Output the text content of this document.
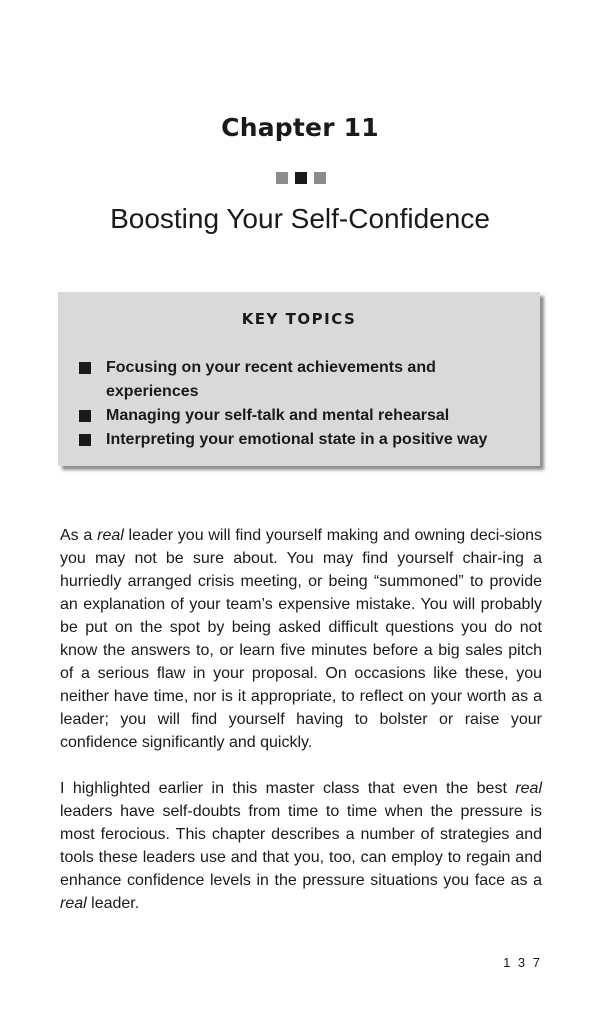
Chapter 11
Boosting Your Self-Confidence
KEY TOPICS
Focusing on your recent achievements and experiences
Managing your self-talk and mental rehearsal
Interpreting your emotional state in a positive way

As a real leader you will find yourself making and owning deci-sions you may not be sure about. You may find yourself chair-ing a hurriedly arranged crisis meeting, or being “summoned” to provide an explanation of your team’s expensive mistake. You will probably be put on the spot by being asked difficult questions you do not know the answers to, or learn five minutes before a big sales pitch of a serious flaw in your proposal. On occasions like these, you neither have time, nor is it appropriate, to reflect on your worth as a leader; you will find yourself having to bolster or raise your confidence significantly and quickly.

I highlighted earlier in this master class that even the best real leaders have self-doubts from time to time when the pressure is most ferocious. This chapter describes a number of strategies and tools these leaders use and that you, too, can employ to regain and enhance confidence levels in the pressure situations you face as a real leader.

1 3 7
